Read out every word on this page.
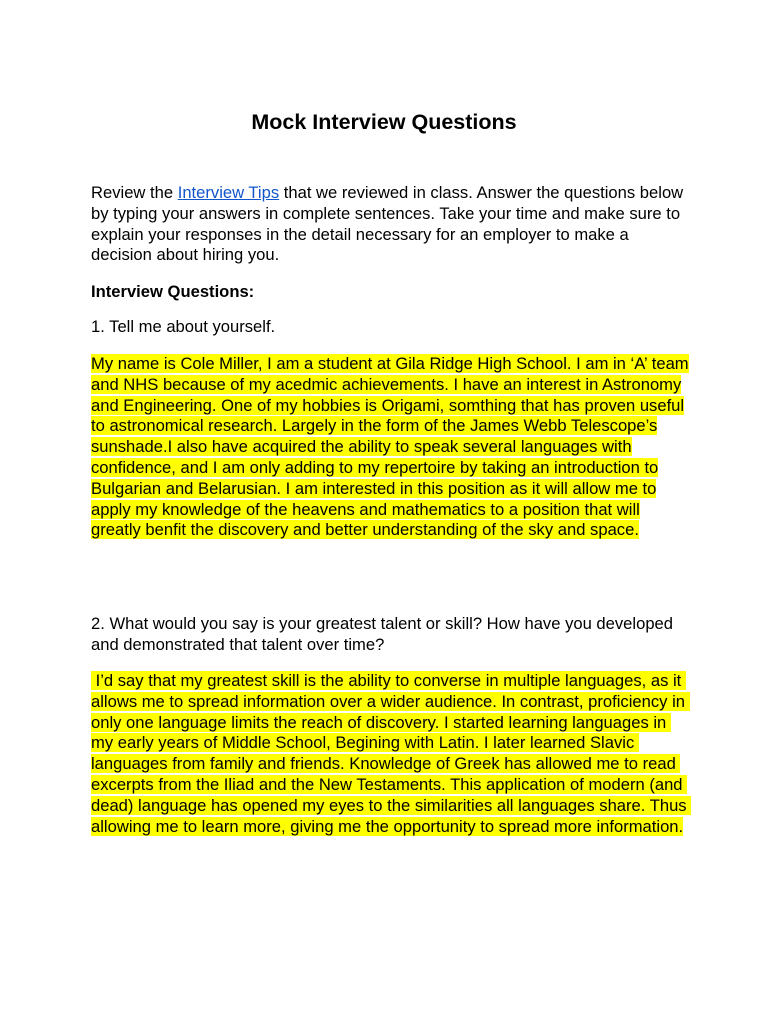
Mock Interview Questions

Review the Interview Tips that we reviewed in class. Answer the questions below by typing your answers in complete sentences. Take your time and make sure to explain your responses in the detail necessary for an employer to make a decision about hiring you.

Interview Questions:

1. Tell me about yourself.

My name is Cole Miller, I am a student at Gila Ridge High School. I am in ‘A’ team and NHS because of my acedmic achievements. I have an interest in Astronomy and Engineering. One of my hobbies is Origami, somthing that has proven useful to astronomical research. Largely in the form of the James Webb Telescope’s sunshade.I also have acquired the ability to speak several languages with confidence, and I am only adding to my repertoire by taking an introduction to Bulgarian and Belarusian. I am interested in this position as it will allow me to apply my knowledge of the heavens and mathematics to a position that will greatly benfit the discovery and better understanding of the sky and space.

2. What would you say is your greatest talent or skill? How have you developed and demonstrated that talent over time?

I’d say that my greatest skill is the ability to converse in multiple languages, as it allows me to spread information over a wider audience. In contrast, proficiency in only one language limits the reach of discovery. I started learning languages in my early years of Middle School, Begining with Latin. I later learned Slavic languages from family and friends. Knowledge of Greek has allowed me to read excerpts from the Iliad and the New Testaments. This application of modern (and dead) language has opened my eyes to the similarities all languages share. Thus allowing me to learn more, giving me the opportunity to spread more information.
